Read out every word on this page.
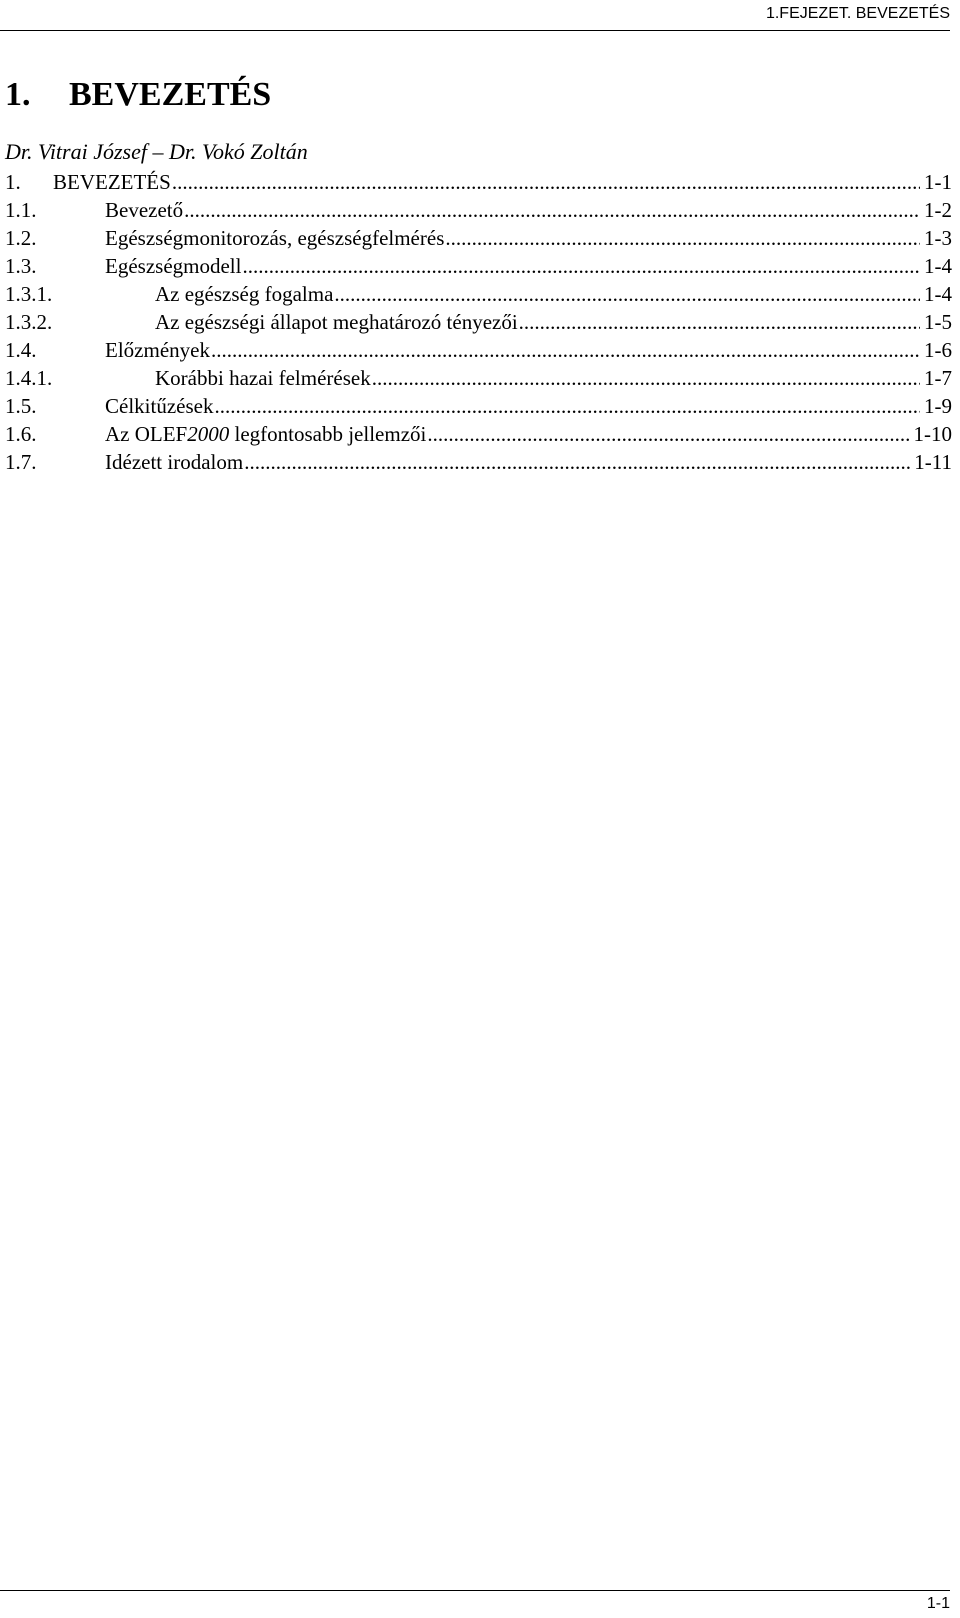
1.FEJEZET. BEVEZETÉS
1. BEVEZETÉS
Dr. Vitrai József – Dr. Vokó Zoltán
1.	BEVEZETÉS .....	1-1
1.1.	Bevezető .....	1-2
1.2.	Egészségmonitorozás, egészségfelmérés .....	1-3
1.3.	Egészségmodell .....	1-4
1.3.1.	Az egészség fogalma .....	1-4
1.3.2.	Az egészségi állapot meghatározó tényezői .....	1-5
1.4.	Előzmények .....	1-6
1.4.1.	Korábbi hazai felmérések .....	1-7
1.5.	Célkitűzések .....	1-9
1.6.	Az OLEF2000 legfontosabb jellemzői .....	1-10
1.7.	Idézett irodalom .....	1-11
1-1
